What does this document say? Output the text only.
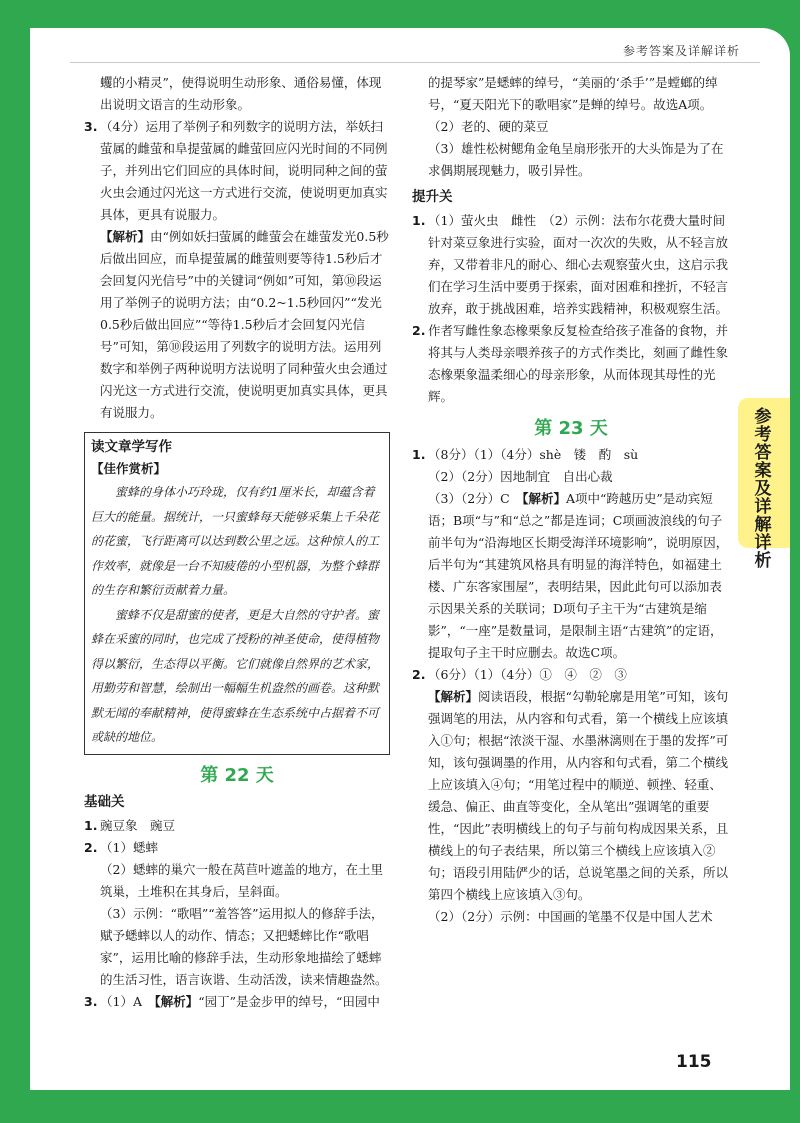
参考答案及详解详析

蠼的小精灵”，使得说明生动形象、通俗易懂，体现出说明文语言的生动形象。

3. （4分）运用了举例子和列数字的说明方法，举妖扫萤属的雌萤和阜提萤属的雌萤回应闪光时间的不同例子，并列出它们回应的具体时间，说明同种之间的萤火虫会通过闪光这一方式进行交流，使说明更加真实具体，更具有说服力。

【解析】由“例如妖扫萤属的雌萤会在雄萤发光0.5秒后做出回应，而阜提萤属的雌萤则要等待1.5秒后才会回复闪光信号”中的关键词“例如”可知，第⑩段运用了举例子的说明方法；由“0.2~1.5秒回闪”“发光0.5秒后做出回应”“等待1.5秒后才会回复闪光信号”可知，第⑩段运用了列数字的说明方法。运用列数字和举例子两种说明方法说明了同种萤火虫会通过闪光这一方式进行交流，使说明更加真实具体，更具有说服力。

读文章学写作
【佳作赏析】

蜜蜂的身体小巧玲珑，仅有约1厘米长，却蕴含着巨大的能量。据统计，一只蜜蜂每天能够采集上千朵花的花蜜，飞行距离可以达到数公里之远。这种惊人的工作效率，就像是一台不知疲倦的小型机器，为整个蜂群的生存和繁衍贡献着力量。

蜜蜂不仅是甜蜜的使者，更是大自然的守护者。蜜蜂在采蜜的同时，也完成了授粉的神圣使命，使得植物得以繁衍，生态得以平衡。它们就像自然界的艺术家，用勤劳和智慧，绘制出一幅幅生机盎然的画卷。这种默默无闻的奉献精神，使得蜜蜂在生态系统中占据着不可或缺的地位。

第 22 天
基础关
1. 豌豆象　豌豆
2. （1）蟋蟀

（2）蟋蟀的巢穴一般在莴苣叶遮盖的地方，在土里筑巢，土堆积在其身后，呈斜面。

（3）示例：“歌唱”“羞答答”运用拟人的修辞手法，赋予蟋蟀以人的动作、情态；又把蟋蟀比作“歌唱家”，运用比喻的修辞手法，生动形象地描绘了蟋蟀的生活习性，语言诙谐、生动活泼，读来情趣盎然。

3. （1）A　【解析】“园丁”是金步甲的绰号，“田园中

的提琴家”是蟋蟀的绰号，“美丽的‘杀手’”是螳螂的绰号，“夏天阳光下的歌唱家”是蝉的绰号。故选A项。

（2）老的、硬的菜豆

（3）雄性松树鳃角金龟呈扇形张开的大头饰是为了在求偶期展现魅力，吸引异性。

提升关
1. （1）萤火虫　雌性　（2）示例：法布尔花费大量时间针对菜豆象进行实验，面对一次次的失败，从不轻言放弃，又带着非凡的耐心、细心去观察萤火虫，这启示我们在学习生活中要勇于探索，面对困难和挫折，不轻言放弃，敢于挑战困难，培养实践精神，积极观察生活。
2. 作者写雌性象态橡栗象反复检查给孩子准备的食物，并将其与人类母亲喂养孩子的方式作类比，刻画了雌性象态橡栗象温柔细心的母亲形象，从而体现其母性的光辉。
第 23 天
1. （8分）（1）（4分）shè　镂　酌　sù

（2）（2分）因地制宜　自出心裁

（3）（2分）C　【解析】A项中“跨越历史”是动宾短语；B项“与”和“总之”都是连词；C项画波浪线的句子前半句为“沿海地区长期受海洋环境影响”，说明原因，后半句为“其建筑风格具有明显的海洋特色，如福建土楼、广东客家围屋”，表明结果，因此此句可以添加表示因果关系的关联词；D项句子主干为“古建筑是缩影”，“一座”是数量词，是限制主语“古建筑”的定语，提取句子主干时应删去。故选C项。

2. （6分）（1）（4分）①　④　②　③

【解析】阅读语段，根据“勾勒轮廓是用笔”可知，该句强调笔的用法，从内容和句式看，第一个横线上应该填入①句；根据“浓淡干湿、水墨淋漓则在于墨的发挥”可知，该句强调墨的作用，从内容和句式看，第二个横线上应该填入④句；“用笔过程中的顺逆、顿挫、轻重、缓急、偏正、曲直等变化，全从笔出”强调笔的重要性，“因此”表明横线上的句子与前句构成因果关系，且横线上的句子表结果，所以第三个横线上应该填入②句；语段引用陆俨少的话，总说笔墨之间的关系，所以第四个横线上应该填入③句。

（2）（2分）示例：中国画的笔墨不仅是中国人艺术

参考答案及详解详析
115
